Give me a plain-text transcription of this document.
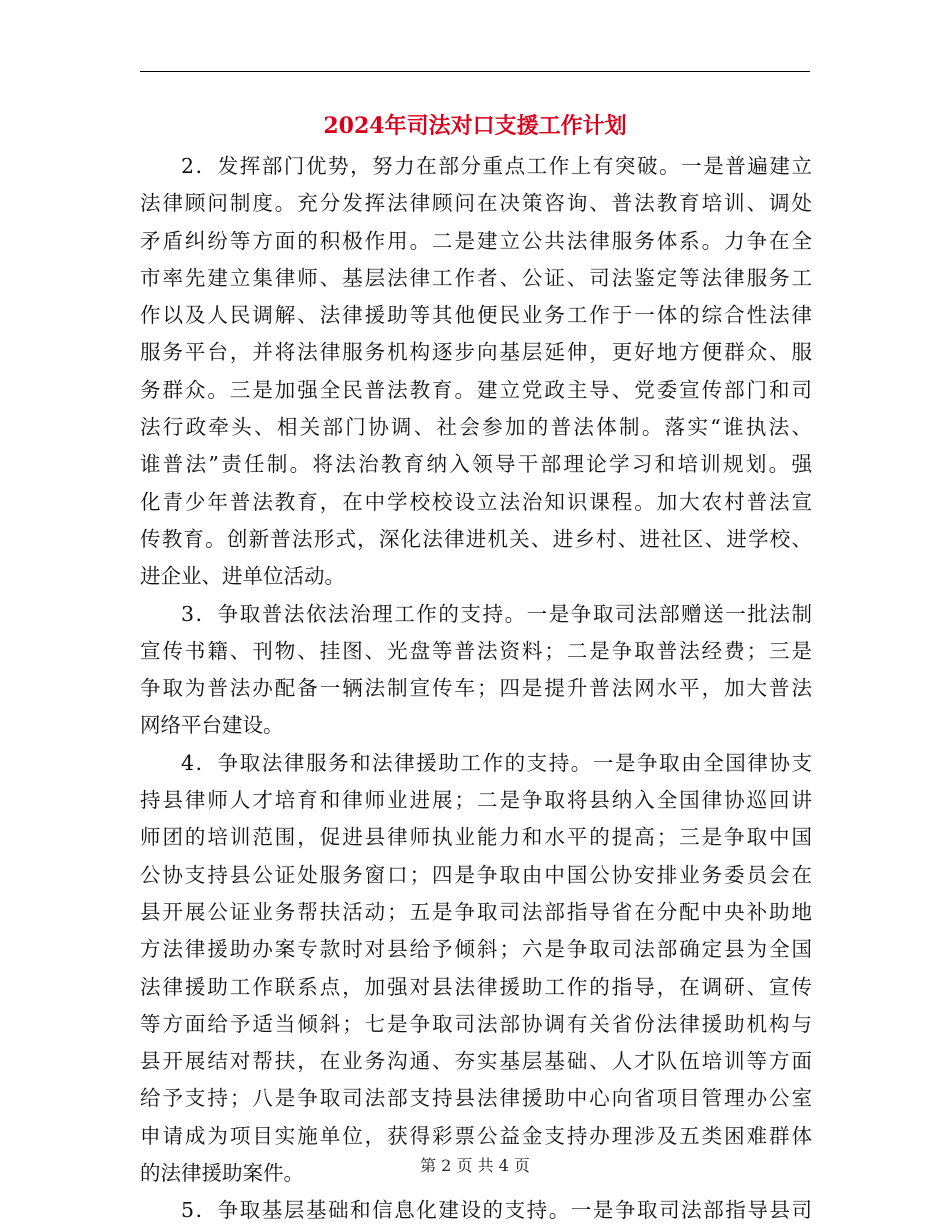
2024年司法对口支援工作计划
2．发挥部门优势，努力在部分重点工作上有突破。一是普遍建立
法律顾问制度。充分发挥法律顾问在决策咨询、普法教育培训、调处
矛盾纠纷等方面的积极作用。二是建立公共法律服务体系。力争在全
市率先建立集律师、基层法律工作者、公证、司法鉴定等法律服务工
作以及人民调解、法律援助等其他便民业务工作于一体的综合性法律
服务平台，并将法律服务机构逐步向基层延伸，更好地方便群众、服
务群众。三是加强全民普法教育。建立党政主导、党委宣传部门和司
法行政牵头、相关部门协调、社会参加的普法体制。落实“谁执法、
谁普法”责任制。将法治教育纳入领导干部理论学习和培训规划。强
化青少年普法教育，在中学校校设立法治知识课程。加大农村普法宣
传教育。创新普法形式，深化法律进机关、进乡村、进社区、进学校、
进企业、进单位活动。
3．争取普法依法治理工作的支持。一是争取司法部赠送一批法制
宣传书籍、刊物、挂图、光盘等普法资料；二是争取普法经费；三是
争取为普法办配备一辆法制宣传车；四是提升普法网水平，加大普法
网络平台建设。
4．争取法律服务和法律援助工作的支持。一是争取由全国律协支
持县律师人才培育和律师业进展；二是争取将县纳入全国律协巡回讲
师团的培训范围，促进县律师执业能力和水平的提高；三是争取中国
公协支持县公证处服务窗口；四是争取由中国公协安排业务委员会在
县开展公证业务帮扶活动；五是争取司法部指导省在分配中央补助地
方法律援助办案专款时对县给予倾斜；六是争取司法部确定县为全国
法律援助工作联系点，加强对县法律援助工作的指导，在调研、宣传
等方面给予适当倾斜；七是争取司法部协调有关省份法律援助机构与
县开展结对帮扶，在业务沟通、夯实基层基础、人才队伍培训等方面
给予支持；八是争取司法部支持县法律援助中心向省项目管理办公室
申请成为项目实施单位，获得彩票公益金支持办理涉及五类困难群体
的法律援助案件。
5．争取基层基础和信息化建设的支持。一是争取司法部指导县司
第 2 页 共 4 页
